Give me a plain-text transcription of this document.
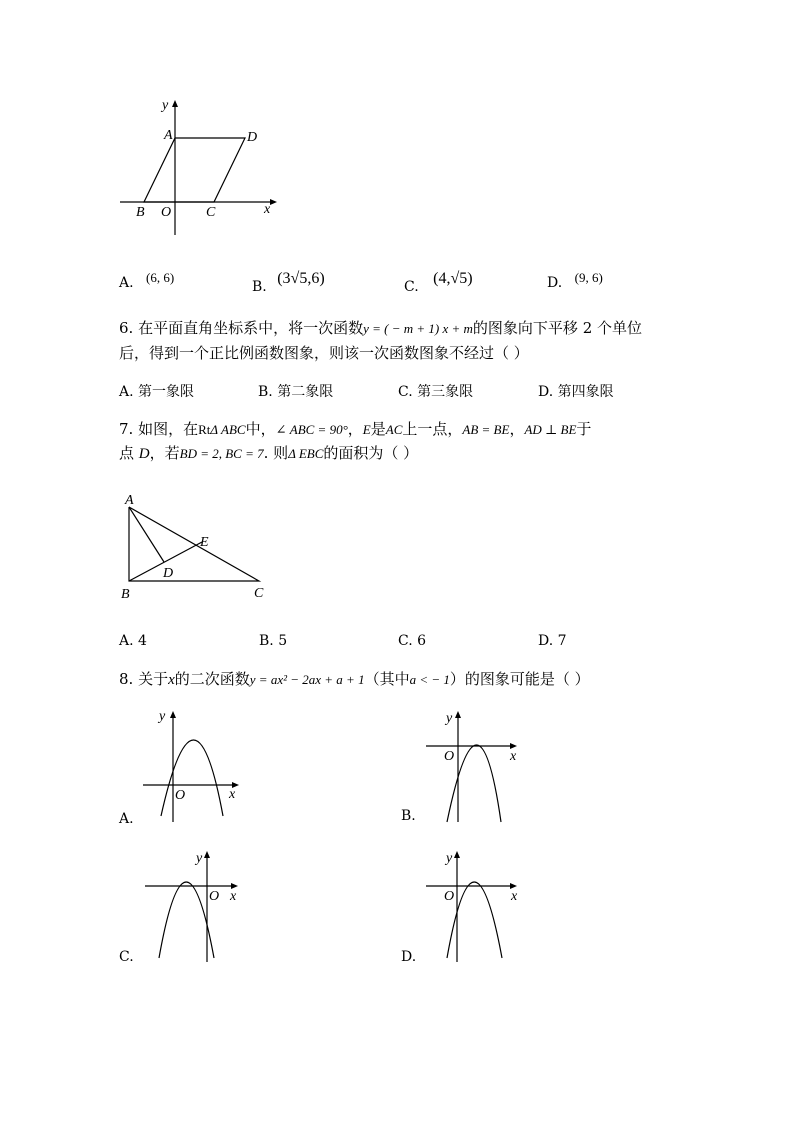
y
x
A	D
B O C
A. (6, 6)
B. (3√5,6)	C. (4,√5)	D. (9, 6)
6. 在平面直角坐标系中，将一次函数y = ( − m + 1) x + m的图象向下平移 2 个单位
后，得到一个正比例函数图象，则该一次函数图象不经过（ ）
A. 第一象限	B. 第二象限	C. 第三象限	D. 第四象限
7. 如图，在RtΔ ABC中，∠ ABC = 90°，E是AC上一点，AB = BE，AD ⊥ BE于
点 D，若BD = 2, BC = 7. 则Δ EBC的面积为（ ）
A
E
D
B	C
A. 4	B. 5	C. 6	D. 7
8. 关于x的二次函数y = ax² − 2ax + a + 1（其中a < − 1）的图象可能是（ ）
y
x
O
A.
y
x
O
B.
y
x
O
C.
y
x
O
D.
